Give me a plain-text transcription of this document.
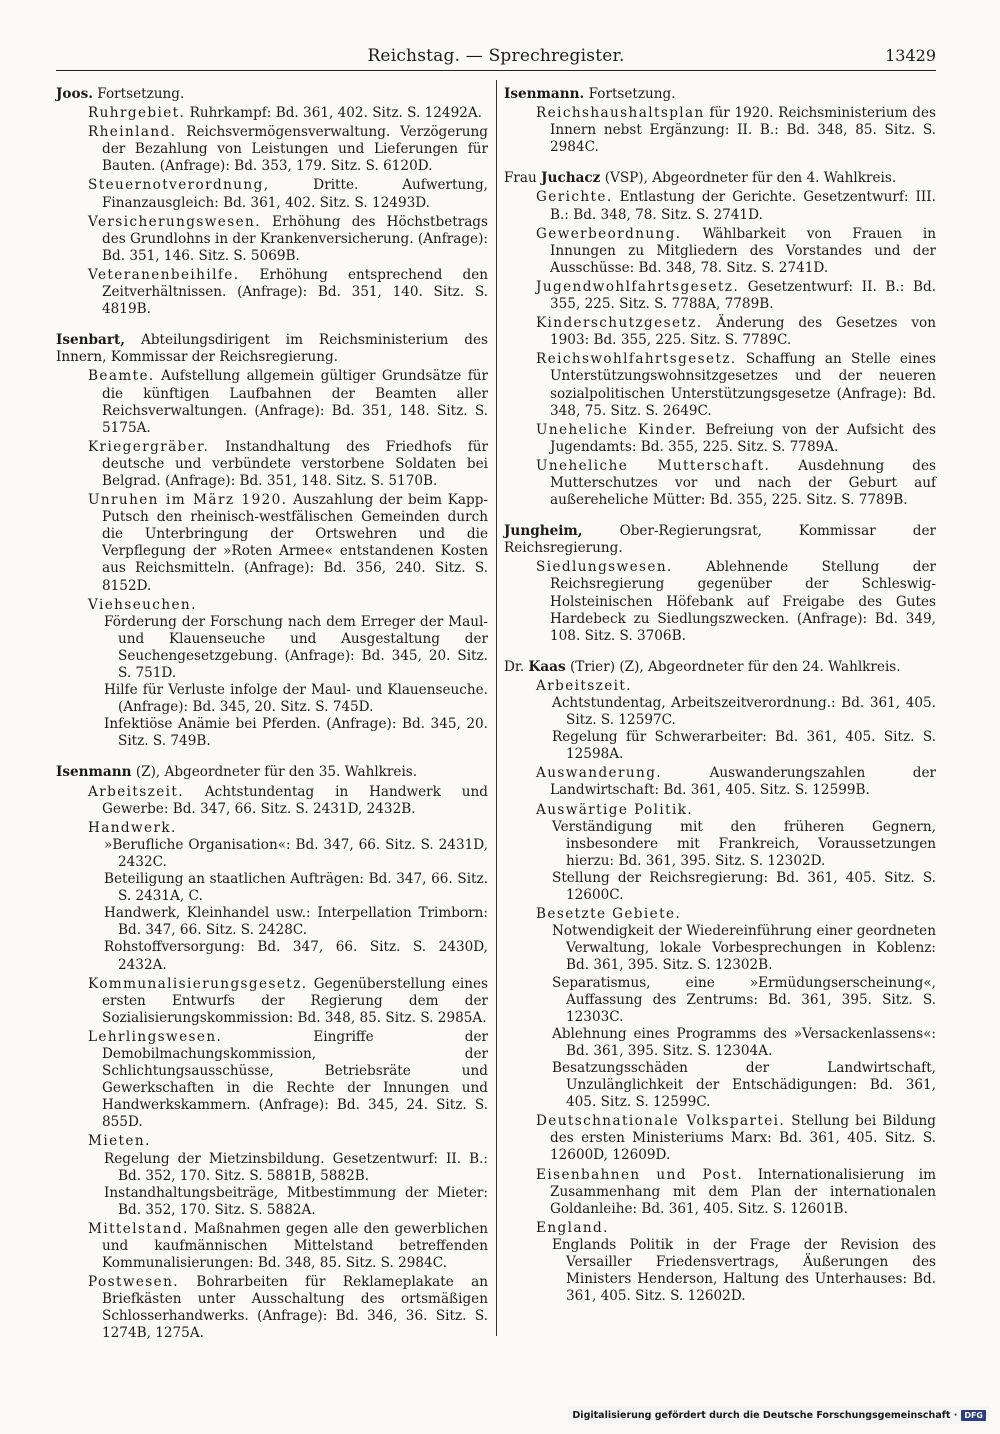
Reichstag. — Sprechregister.	13429
Joos. Fortsetzung.
Ruhrgebiet. Ruhrkampf: Bd. 361, 402. Sitz. S. 12492A.
Rheinland. Reichsvermögensverwaltung. Verzögerung der Bezahlung von Leistungen und Lieferungen für Bauten. (Anfrage): Bd. 353, 179. Sitz. S. 6120D.
Steuernotverordnung, Dritte. Aufwertung, Finanzausgleich: Bd. 361, 402. Sitz. S. 12493D.
Versicherungswesen. Erhöhung des Höchstbetrags des Grundlohns in der Krankenversicherung. (Anfrage): Bd. 351, 146. Sitz. S. 5069B.
Veteranenbeihilfe. Erhöhung entsprechend den Zeitverhältnissen. (Anfrage): Bd. 351, 140. Sitz. S. 4819B.
Isenbart, Abteilungsdirigent im Reichsministerium des Innern, Kommissar der Reichsregierung.
Beamte. Aufstellung allgemein gültiger Grundsätze für die künftigen Laufbahnen der Beamten aller Reichsverwaltungen. (Anfrage): Bd. 351, 148. Sitz. S. 5175A.
Kriegergräber. Instandhaltung des Friedhofs für deutsche und verbündete verstorbene Soldaten bei Belgrad. (Anfrage): Bd. 351, 148. Sitz. S. 5170B.
Unruhen im März 1920. Auszahlung der beim Kapp-Putsch den rheinisch-westfälischen Gemeinden durch die Unterbringung der Ortswehren und die Verpflegung der »Roten Armee« entstandenen Kosten aus Reichsmitteln. (Anfrage): Bd. 356, 240. Sitz. S. 8152D.
Viehseuchen.
Förderung der Forschung nach dem Erreger der Maul- und Klauenseuche und Ausgestaltung der Seuchengesetzgebung. (Anfrage): Bd. 345, 20. Sitz. S. 751D.
Hilfe für Verluste infolge der Maul- und Klauenseuche. (Anfrage): Bd. 345, 20. Sitz. S. 745D.
Infektiöse Anämie bei Pferden. (Anfrage): Bd. 345, 20. Sitz. S. 749B.
Isenmann (Z), Abgeordneter für den 35. Wahlkreis.
Arbeitszeit. Achtstundentag in Handwerk und Gewerbe: Bd. 347, 66. Sitz. S. 2431D, 2432B.
Handwerk.
»Berufliche Organisation«: Bd. 347, 66. Sitz. S. 2431D, 2432C.
Beteiligung an staatlichen Aufträgen: Bd. 347, 66. Sitz. S. 2431A, C.
Handwerk, Kleinhandel usw.: Interpellation Trimborn: Bd. 347, 66. Sitz. S. 2428C.
Rohstoffversorgung: Bd. 347, 66. Sitz. S. 2430D, 2432A.
Kommunalisierungsgesetz. Gegenüberstellung eines ersten Entwurfs der Regierung dem der Sozialisierungskommission: Bd. 348, 85. Sitz. S. 2985A.
Lehrlingswesen. Eingriffe der Demobilmachungskommission, der Schlichtungsausschüsse, Betriebsräte und Gewerkschaften in die Rechte der Innungen und Handwerkskammern. (Anfrage): Bd. 345, 24. Sitz. S. 855D.
Mieten.
Regelung der Mietzinsbildung. Gesetzentwurf: II. B.: Bd. 352, 170. Sitz. S. 5881B, 5882B.
Instandhaltungsbeiträge, Mitbestimmung der Mieter: Bd. 352, 170. Sitz. S. 5882A.
Mittelstand. Maßnahmen gegen alle den gewerblichen und kaufmännischen Mittelstand betreffenden Kommunalisierungen: Bd. 348, 85. Sitz. S. 2984C.
Postwesen. Bohrarbeiten für Reklameplakate an Briefkästen unter Ausschaltung des ortsmäßigen Schlosserhandwerks. (Anfrage): Bd. 346, 36. Sitz. S. 1274B, 1275A.
Isenmann. Fortsetzung.
Reichshaushaltsplan für 1920. Reichsministerium des Innern nebst Ergänzung: II. B.: Bd. 348, 85. Sitz. S. 2984C.
Frau Juchacz (VSP), Abgeordneter für den 4. Wahlkreis.
Gerichte. Entlastung der Gerichte. Gesetzentwurf: III. B.: Bd. 348, 78. Sitz. S. 2741D.
Gewerbeordnung. Wählbarkeit von Frauen in Innungen zu Mitgliedern des Vorstandes und der Ausschüsse: Bd. 348, 78. Sitz. S. 2741D.
Jugendwohlfahrtsgesetz. Gesetzentwurf: II. B.: Bd. 355, 225. Sitz. S. 7788A, 7789B.
Kinderschutzgesetz. Änderung des Gesetzes von 1903: Bd. 355, 225. Sitz. S. 7789C.
Reichswohlfahrtsgesetz. Schaffung an Stelle eines Unterstützungswohnsitzgesetzes und der neueren sozialpolitischen Unterstützungsgesetze (Anfrage): Bd. 348, 75. Sitz. S. 2649C.
Uneheliche Kinder. Befreiung von der Aufsicht des Jugendamts: Bd. 355, 225. Sitz. S. 7789A.
Uneheliche Mutterschaft. Ausdehnung des Mutterschutzes vor und nach der Geburt auf außereheliche Mütter: Bd. 355, 225. Sitz. S. 7789B.
Jungheim, Ober-Regierungsrat, Kommissar der Reichsregierung.
Siedlungswesen. Ablehnende Stellung der Reichsregierung gegenüber der Schleswig-Holsteinischen Höfebank auf Freigabe des Gutes Hardebeck zu Siedlungszwecken. (Anfrage): Bd. 349, 108. Sitz. S. 3706B.
Dr. Kaas (Trier) (Z), Abgeordneter für den 24. Wahlkreis.
Arbeitszeit.
Achtstundentag, Arbeitszeitverordnung.: Bd. 361, 405. Sitz. S. 12597C.
Regelung für Schwerarbeiter: Bd. 361, 405. Sitz. S. 12598A.
Auswanderung. Auswanderungszahlen der Landwirtschaft: Bd. 361, 405. Sitz. S. 12599B.
Auswärtige Politik.
Verständigung mit den früheren Gegnern, insbesondere mit Frankreich, Voraussetzungen hierzu: Bd. 361, 395. Sitz. S. 12302D.
Stellung der Reichsregierung: Bd. 361, 405. Sitz. S. 12600C.
Besetzte Gebiete.
Notwendigkeit der Wiedereinführung einer geordneten Verwaltung, lokale Vorbesprechungen in Koblenz: Bd. 361, 395. Sitz. S. 12302B.
Separatismus, eine »Ermüdungserscheinung«, Auffassung des Zentrums: Bd. 361, 395. Sitz. S. 12303C.
Ablehnung eines Programms des »Versackenlassens«: Bd. 361, 395. Sitz. S. 12304A.
Besatzungsschäden der Landwirtschaft, Unzulänglichkeit der Entschädigungen: Bd. 361, 405. Sitz. S. 12599C.
Deutschnationale Volkspartei. Stellung bei Bildung des ersten Ministeriums Marx: Bd. 361, 405. Sitz. S. 12600D, 12609D.
Eisenbahnen und Post. Internationalisierung im Zusammenhang mit dem Plan der internationalen Goldanleihe: Bd. 361, 405. Sitz. S. 12601B.
England.
Englands Politik in der Frage der Revision des Versailler Friedensvertrags, Äußerungen des Ministers Henderson, Haltung des Unterhauses: Bd. 361, 405. Sitz. S. 12602D.
Digitalisierung gefördert durch die Deutsche Forschungsgemeinschaft · DFG
